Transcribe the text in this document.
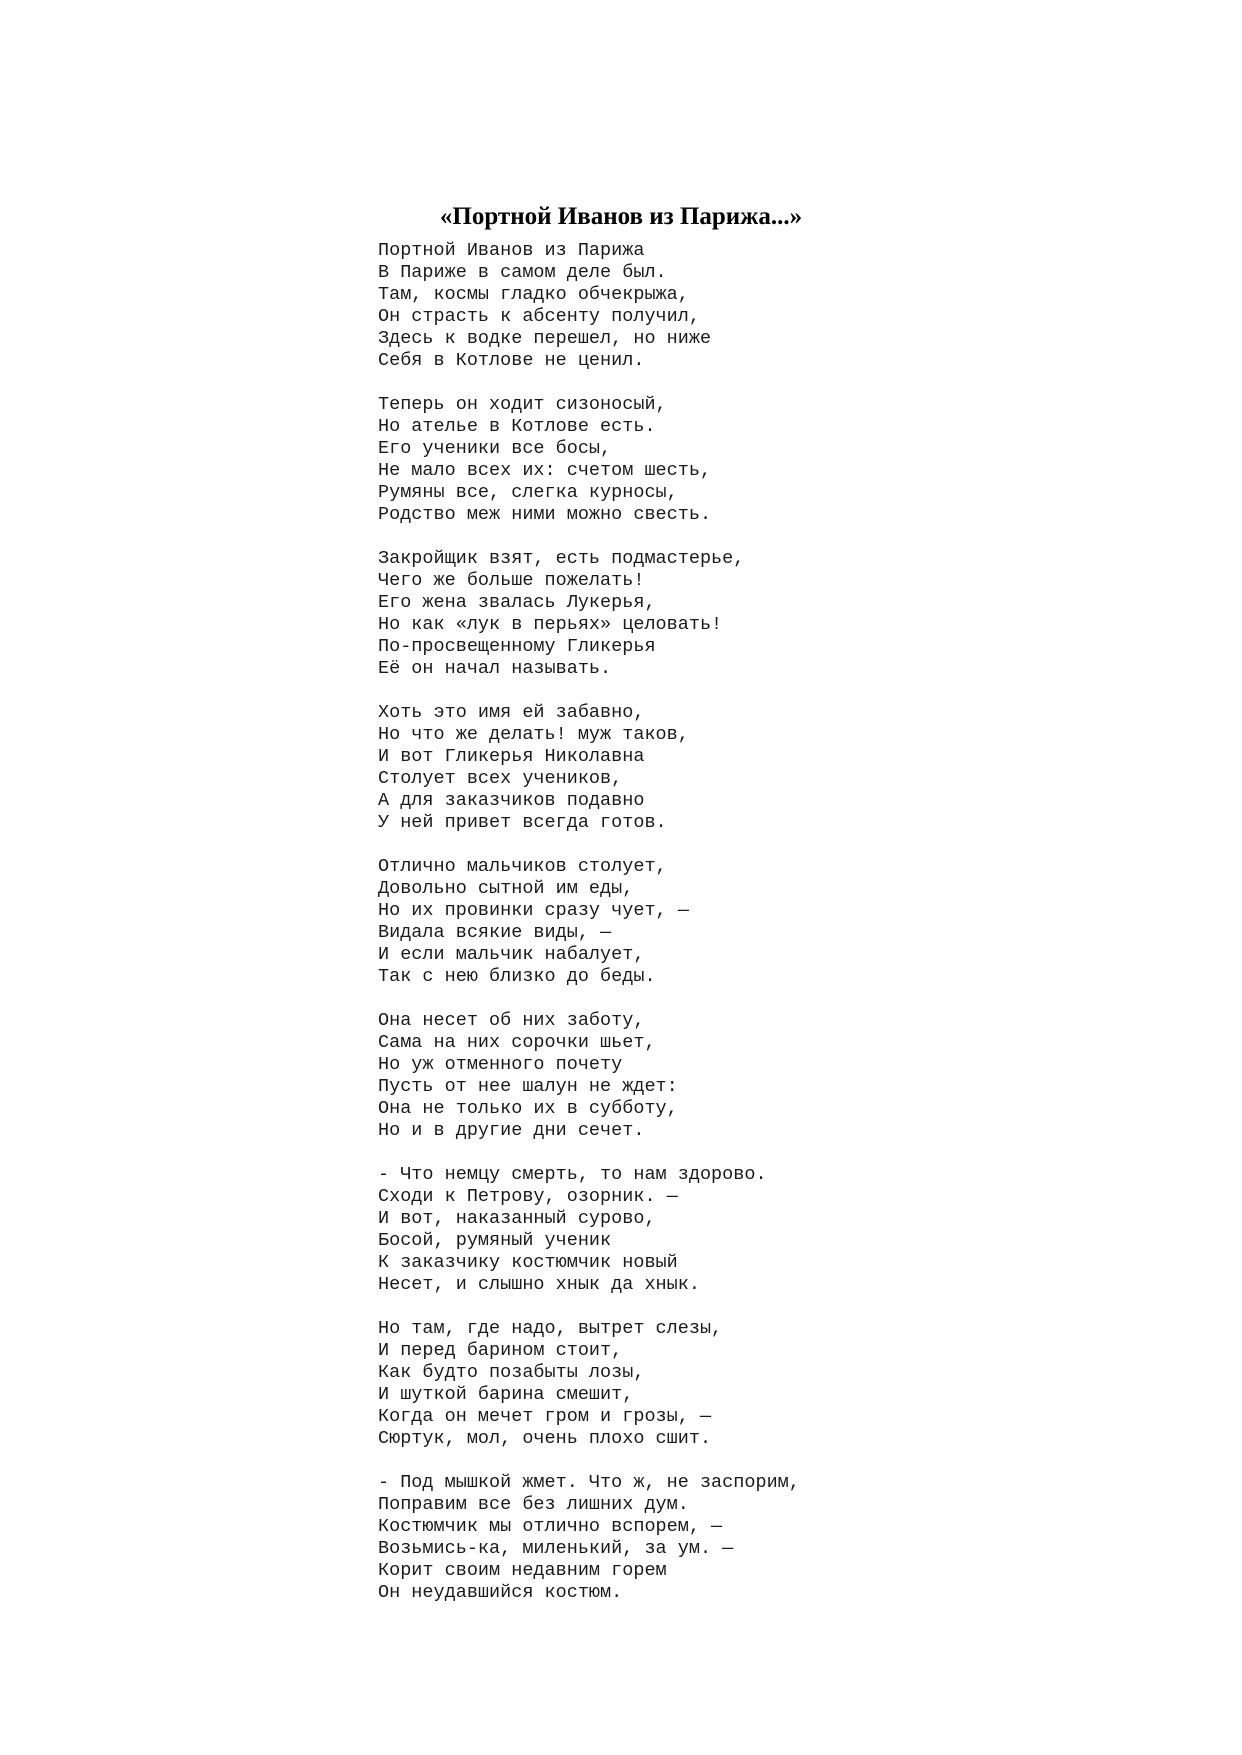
«Портной Иванов из Парижа...»
Портной Иванов из Парижа
В Париже в самом деле был.
Там, космы гладко обчекрыжа,
Он страсть к абсенту получил,
Здесь к водке перешел, но ниже
Себя в Котлове не ценил.
Теперь он ходит сизоносый,
Но ателье в Котлове есть.
Его ученики все босы,
Не мало всех их: счетом шесть,
Румяны все, слегка курносы,
Родство меж ними можно свесть.
Закройщик взят, есть подмастерье,
Чего же больше пожелать!
Его жена звалась Лукерья,
Но как «лук в перьях» целовать!
По-просвещенному Гликерья
Её он начал называть.
Хоть это имя ей забавно,
Но что же делать! муж таков,
И вот Гликерья Николавна
Столует всех учеников,
А для заказчиков подавно
У ней привет всегда готов.
Отлично мальчиков столует,
Довольно сытной им еды,
Но их провинки сразу чует, —
Видала всякие виды, —
И если мальчик набалует,
Так с нею близко до беды.
Она несет об них заботу,
Сама на них сорочки шьет,
Но уж отменного почету
Пусть от нее шалун не ждет:
Она не только их в субботу,
Но и в другие дни сечет.
- Что немцу смерть, то нам здорово.
Сходи к Петрову, озорник. —
И вот, наказанный сурово,
Босой, румяный ученик
К заказчику костюмчик новый
Несет, и слышно хнык да хнык.
Но там, где надо, вытрет слезы,
И перед барином стоит,
Как будто позабыты лозы,
И шуткой барина смешит,
Когда он мечет гром и грозы, —
Сюртук, мол, очень плохо сшит.
- Под мышкой жмет. Что ж, не заспорим,
Поправим все без лишних дум.
Костюмчик мы отлично вспорем, —
Возьмись-ка, миленький, за ум. —
Корит своим недавним горем
Он неудавшийся костюм.
